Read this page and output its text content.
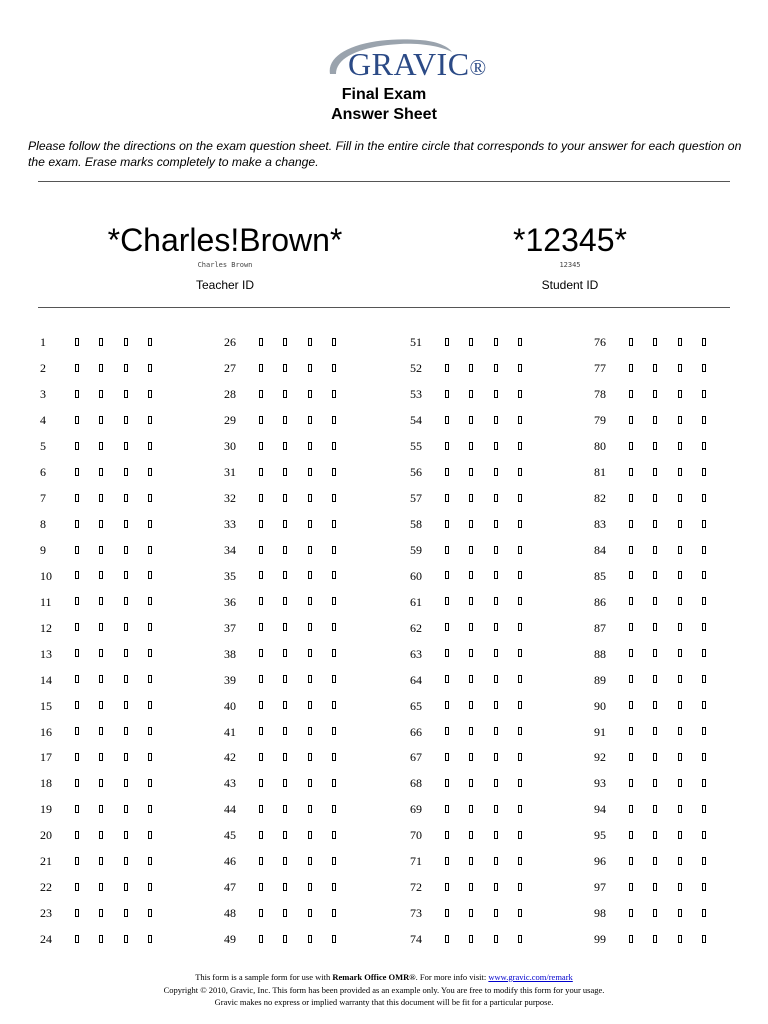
GRAVIC®
Final Exam
Answer Sheet
Please follow the directions on the exam question sheet. Fill in the entire circle that corresponds to your answer for each question on the exam. Erase marks completely to make a change.
*Charles!Brown*
Charles Brown
Teacher ID
*12345*
12345
Student ID
1
2
3
4
5
6
7
8
9
10
11
12
13
14
15
16
17
18
19
20
21
22
23
24
26
27
28
29
30
31
32
33
34
35
36
37
38
39
40
41
42
43
44
45
46
47
48
49
51
52
53
54
55
56
57
58
59
60
61
62
63
64
65
66
67
68
69
70
71
72
73
74
76
77
78
79
80
81
82
83
84
85
86
87
88
89
90
91
92
93
94
95
96
97
98
99
This form is a sample form for use with Remark Office OMR®. For more info visit: www.gravic.com/remark
Copyright © 2010, Gravic, Inc. This form has been provided as an example only. You are free to modify this form for your usage.
Gravic makes no express or implied warranty that this document will be fit for a particular purpose.
